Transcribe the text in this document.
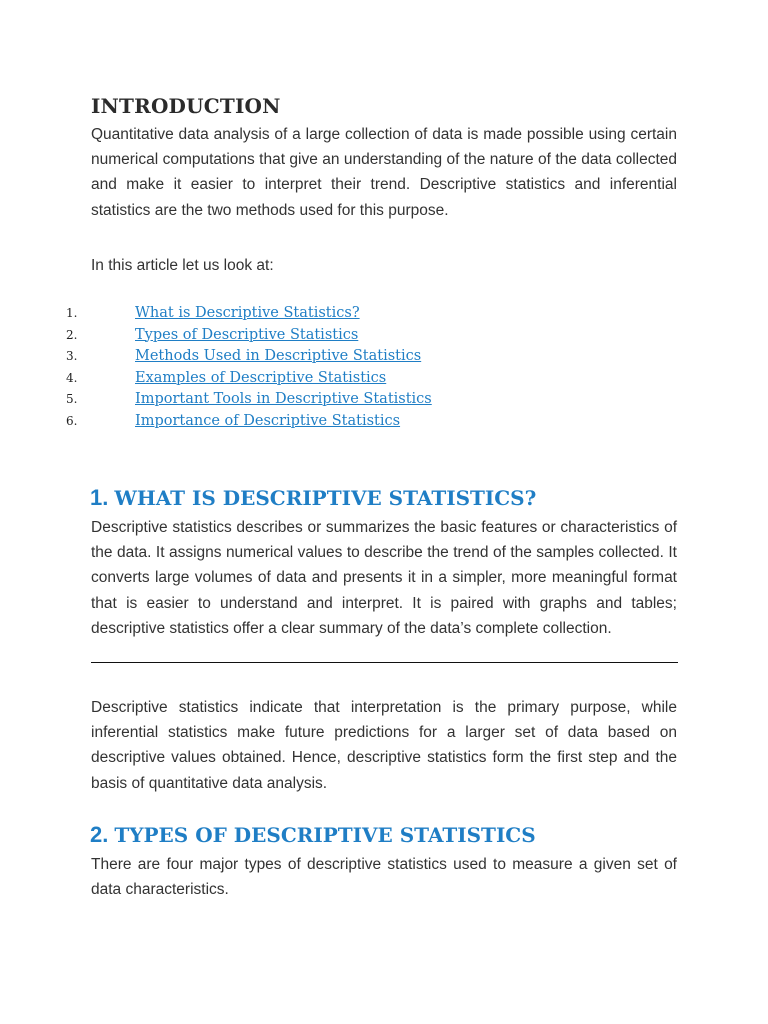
INTRODUCTION
Quantitative data analysis of a large collection of data is made possible using certain numerical computations that give an understanding of the nature of the data collected and make it easier to interpret their trend. Descriptive statistics and inferential statistics are the two methods used for this purpose.
In this article let us look at:
1.	What is Descriptive Statistics?
2.	Types of Descriptive Statistics
3.	Methods Used in Descriptive Statistics
4.	Examples of Descriptive Statistics
5.	Important Tools in Descriptive Statistics
6.	Importance of Descriptive Statistics
1. WHAT IS DESCRIPTIVE STATISTICS?
Descriptive statistics describes or summarizes the basic features or characteristics of the data. It assigns numerical values to describe the trend of the samples collected. It converts large volumes of data and presents it in a simpler, more meaningful format that is easier to understand and interpret. It is paired with graphs and tables; descriptive statistics offer a clear summary of the data’s complete collection.
Descriptive statistics indicate that interpretation is the primary purpose, while inferential statistics make future predictions for a larger set of data based on descriptive values obtained. Hence, descriptive statistics form the first step and the basis of quantitative data analysis.
2. TYPES OF DESCRIPTIVE STATISTICS
There are four major types of descriptive statistics used to measure a given set of data characteristics.
